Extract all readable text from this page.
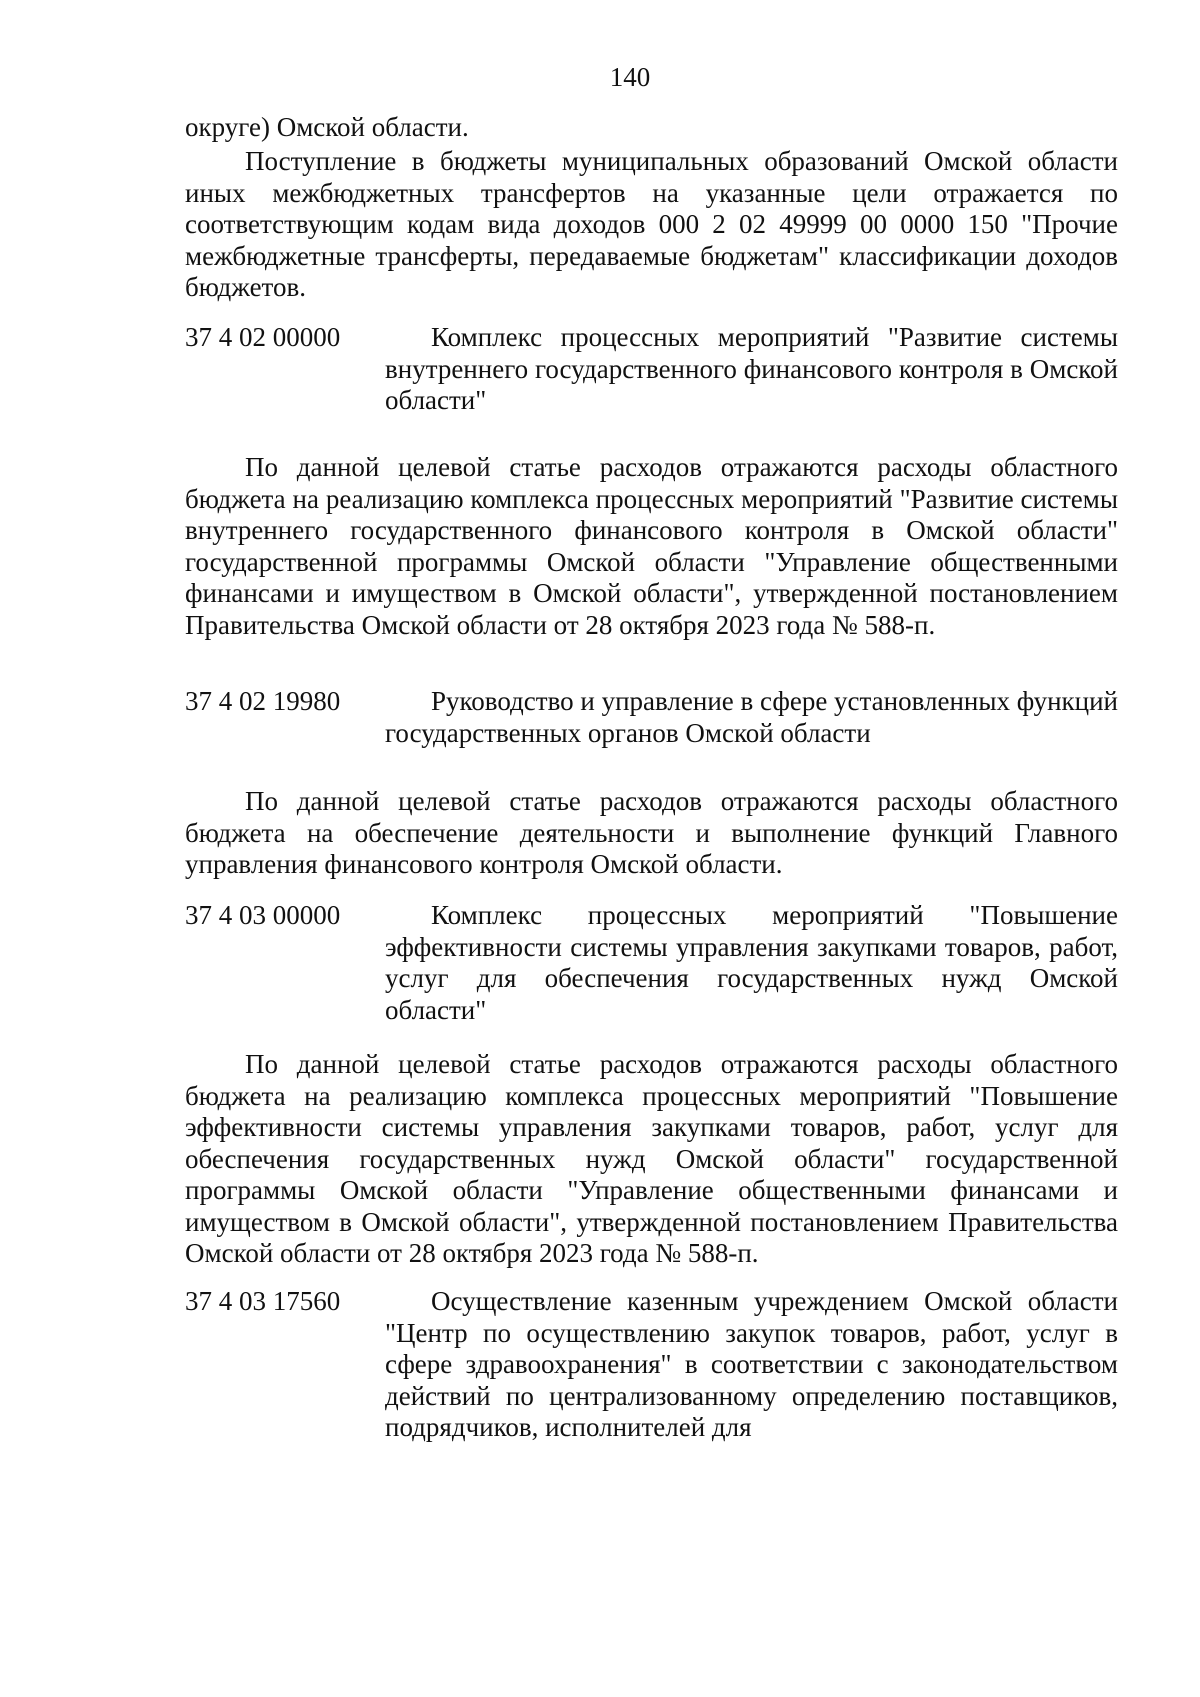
140
округе) Омской области.
Поступление в бюджеты муниципальных образований Омской области иных межбюджетных трансфертов на указанные цели отражается по соответствующим кодам вида доходов 000 2 02 49999 00 0000 150 "Прочие межбюджетные трансферты, передаваемые бюджетам" классификации доходов бюджетов.
37 4 02 00000	Комплекс процессных мероприятий "Развитие системы внутреннего государственного финансового контроля в Омской области"
По данной целевой статье расходов отражаются расходы областного бюджета на реализацию комплекса процессных мероприятий "Развитие системы внутреннего государственного финансового контроля в Омской области" государственной программы Омской области "Управление общественными финансами и имуществом в Омской области", утвержденной постановлением Правительства Омской области от 28 октября 2023 года № 588-п.
37 4 02 19980	Руководство и управление в сфере установленных функций государственных органов Омской области
По данной целевой статье расходов отражаются расходы областного бюджета на обеспечение деятельности и выполнение функций Главного управления финансового контроля Омской области.
37 4 03 00000	Комплекс процессных мероприятий "Повышение эффективности системы управления закупками товаров, работ, услуг для обеспечения государственных нужд Омской области"
По данной целевой статье расходов отражаются расходы областного бюджета на реализацию комплекса процессных мероприятий "Повышение эффективности системы управления закупками товаров, работ, услуг для обеспечения государственных нужд Омской области" государственной программы Омской области "Управление общественными финансами и имуществом в Омской области", утвержденной постановлением Правительства Омской области от 28 октября 2023 года № 588-п.
37 4 03 17560	Осуществление казенным учреждением Омской области "Центр по осуществлению закупок товаров, работ, услуг в сфере здравоохранения" в соответствии с законодательством действий по централизованному определению поставщиков, подрядчиков, исполнителей для
